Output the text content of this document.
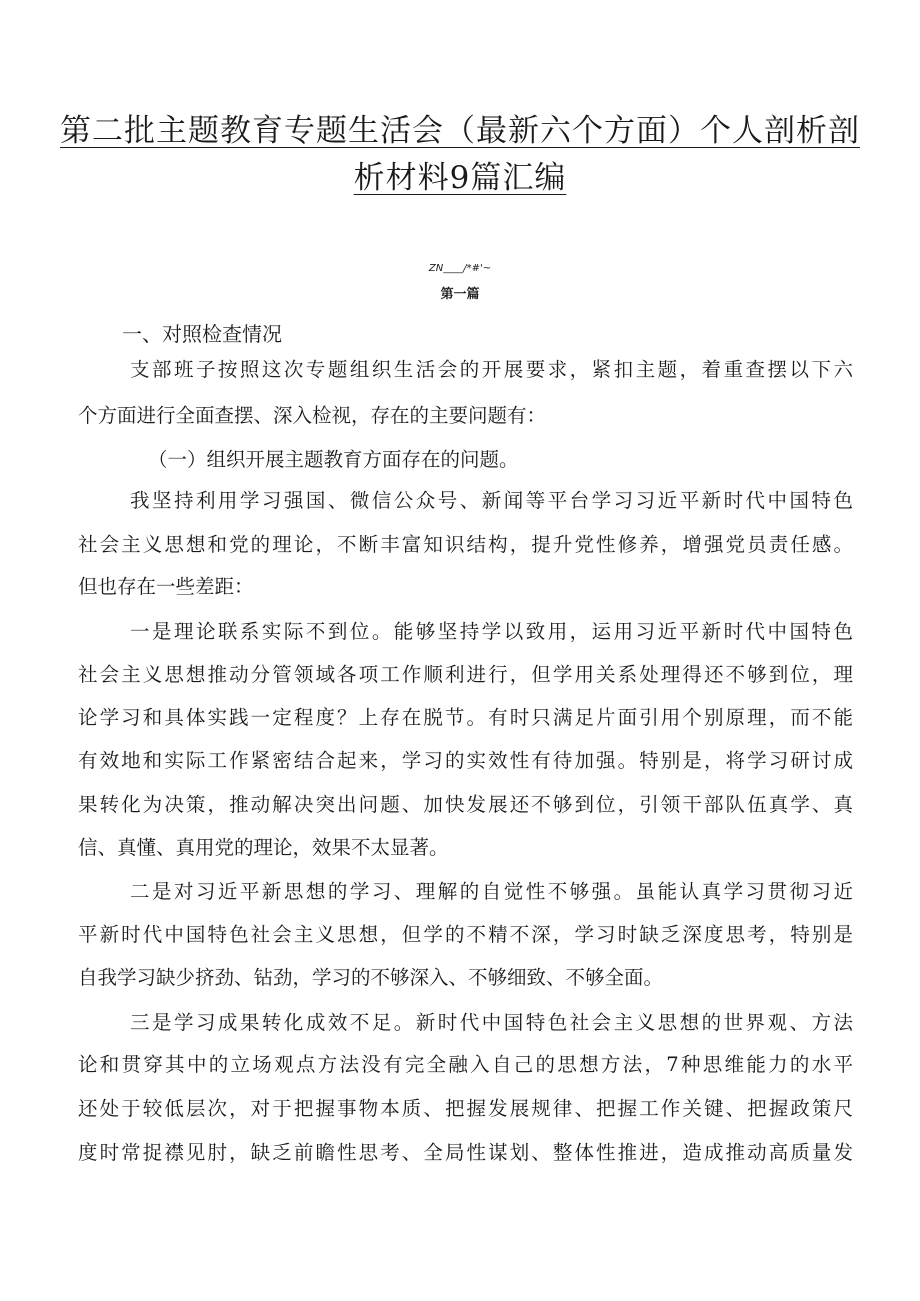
第二批主题教育专题生活会（最新六个方面）个人剖析剖
析材料9篇汇编
ZN____/*#'~
第一篇
一、对照检查情况
支部班子按照这次专题组织生活会的开展要求，紧扣主题，着重查摆以下六
个方面进行全面查摆、深入检视，存在的主要问题有：
（一）组织开展主题教育方面存在的问题。
我坚持利用学习强国、微信公众号、新闻等平台学习习近平新时代中国特色
社会主义思想和党的理论，不断丰富知识结构，提升党性修养，增强党员责任感。
但也存在一些差距：
一是理论联系实际不到位。能够坚持学以致用，运用习近平新时代中国特色
社会主义思想推动分管领域各项工作顺利进行，但学用关系处理得还不够到位，理
论学习和具体实践一定程度？上存在脱节。有时只满足片面引用个别原理，而不能
有效地和实际工作紧密结合起来，学习的实效性有待加强。特别是，将学习研讨成
果转化为决策，推动解决突出问题、加快发展还不够到位，引领干部队伍真学、真
信、真懂、真用党的理论，效果不太显著。
二是对习近平新思想的学习、理解的自觉性不够强。虽能认真学习贯彻习近
平新时代中国特色社会主义思想，但学的不精不深，学习时缺乏深度思考，特别是
自我学习缺少挤劲、钻劲，学习的不够深入、不够细致、不够全面。
三是学习成果转化成效不足。新时代中国特色社会主义思想的世界观、方法
论和贯穿其中的立场观点方法没有完全融入自己的思想方法，7种思维能力的水平
还处于较低层次，对于把握事物本质、把握发展规律、把握工作关键、把握政策尺
度时常捉襟见肘，缺乏前瞻性思考、全局性谋划、整体性推进，造成推动高质量发
